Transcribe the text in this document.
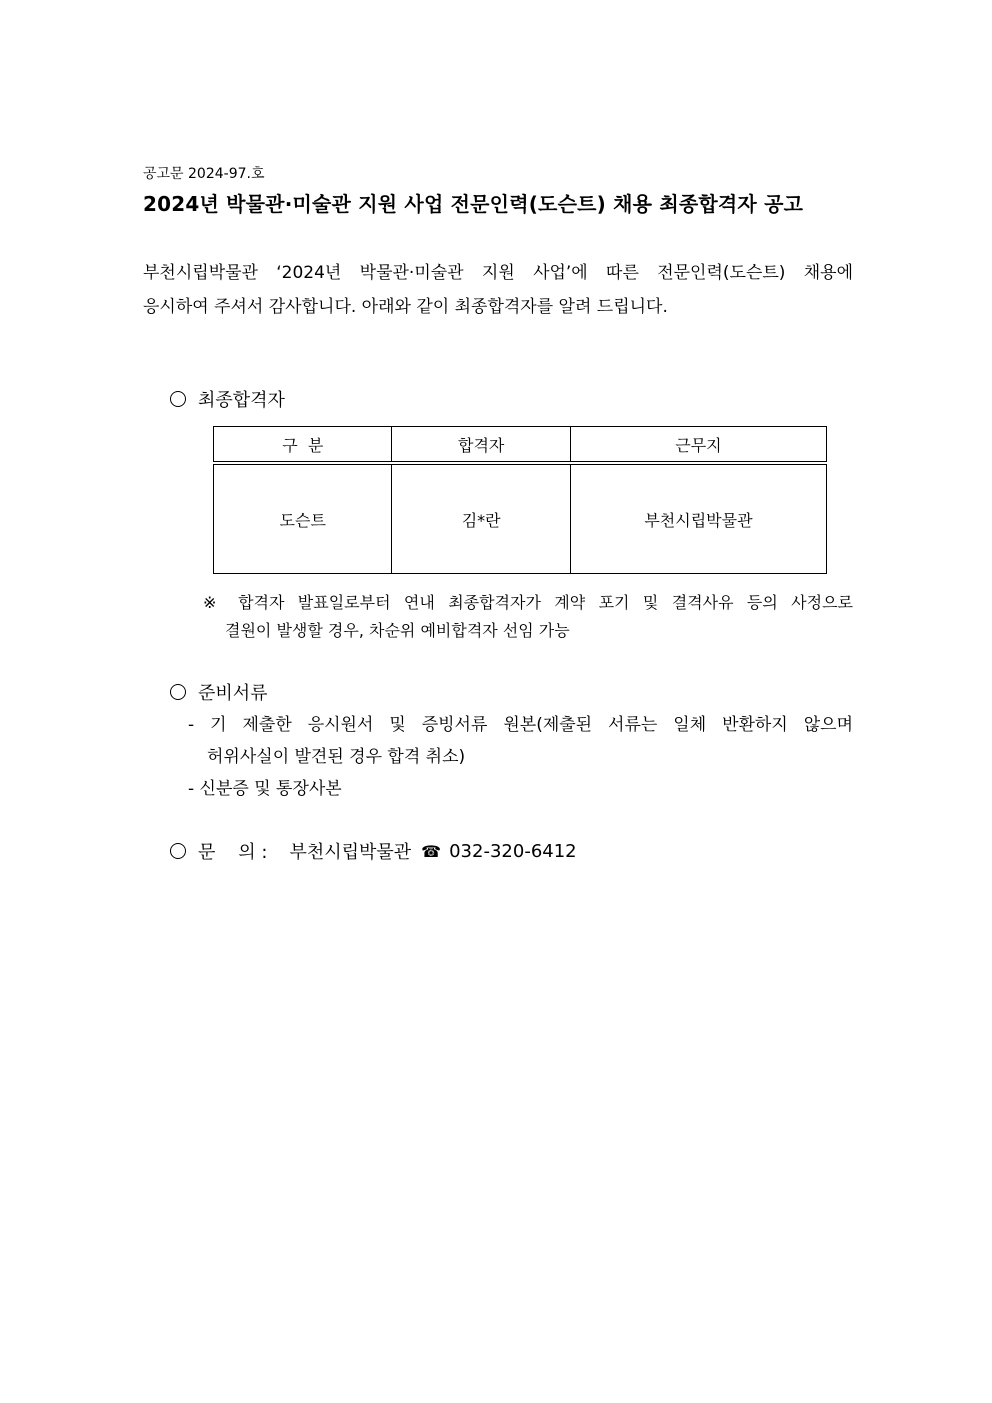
공고문 2024-97.호
2024년 박물관·미술관 지원 사업 전문인력(도슨트) 채용 최종합격자 공고
부천시립박물관 ‘2024년 박물관·미술관 지원 사업’에 따른 전문인력(도슨트) 채용에
응시하여 주셔서 감사합니다. 아래와 같이 최종합격자를 알려 드립니다.
최종합격자
구  분	합격자	근무지
도슨트	김*란	부천시립박물관
※ 합격자 발표일로부터 연내 최종합격자가 계약 포기 및 결격사유 등의 사정으로
결원이 발생할 경우, 차순위 예비합격자 선임 가능
준비서류
- 기 제출한 응시원서 및 증빙서류 원본(제출된 서류는 일체 반환하지 않으며
허위사실이 발견된 경우 합격 취소)
- 신분증 및 통장사본
문    의 : 부천시립박물관 ☎ 032-320-6412
